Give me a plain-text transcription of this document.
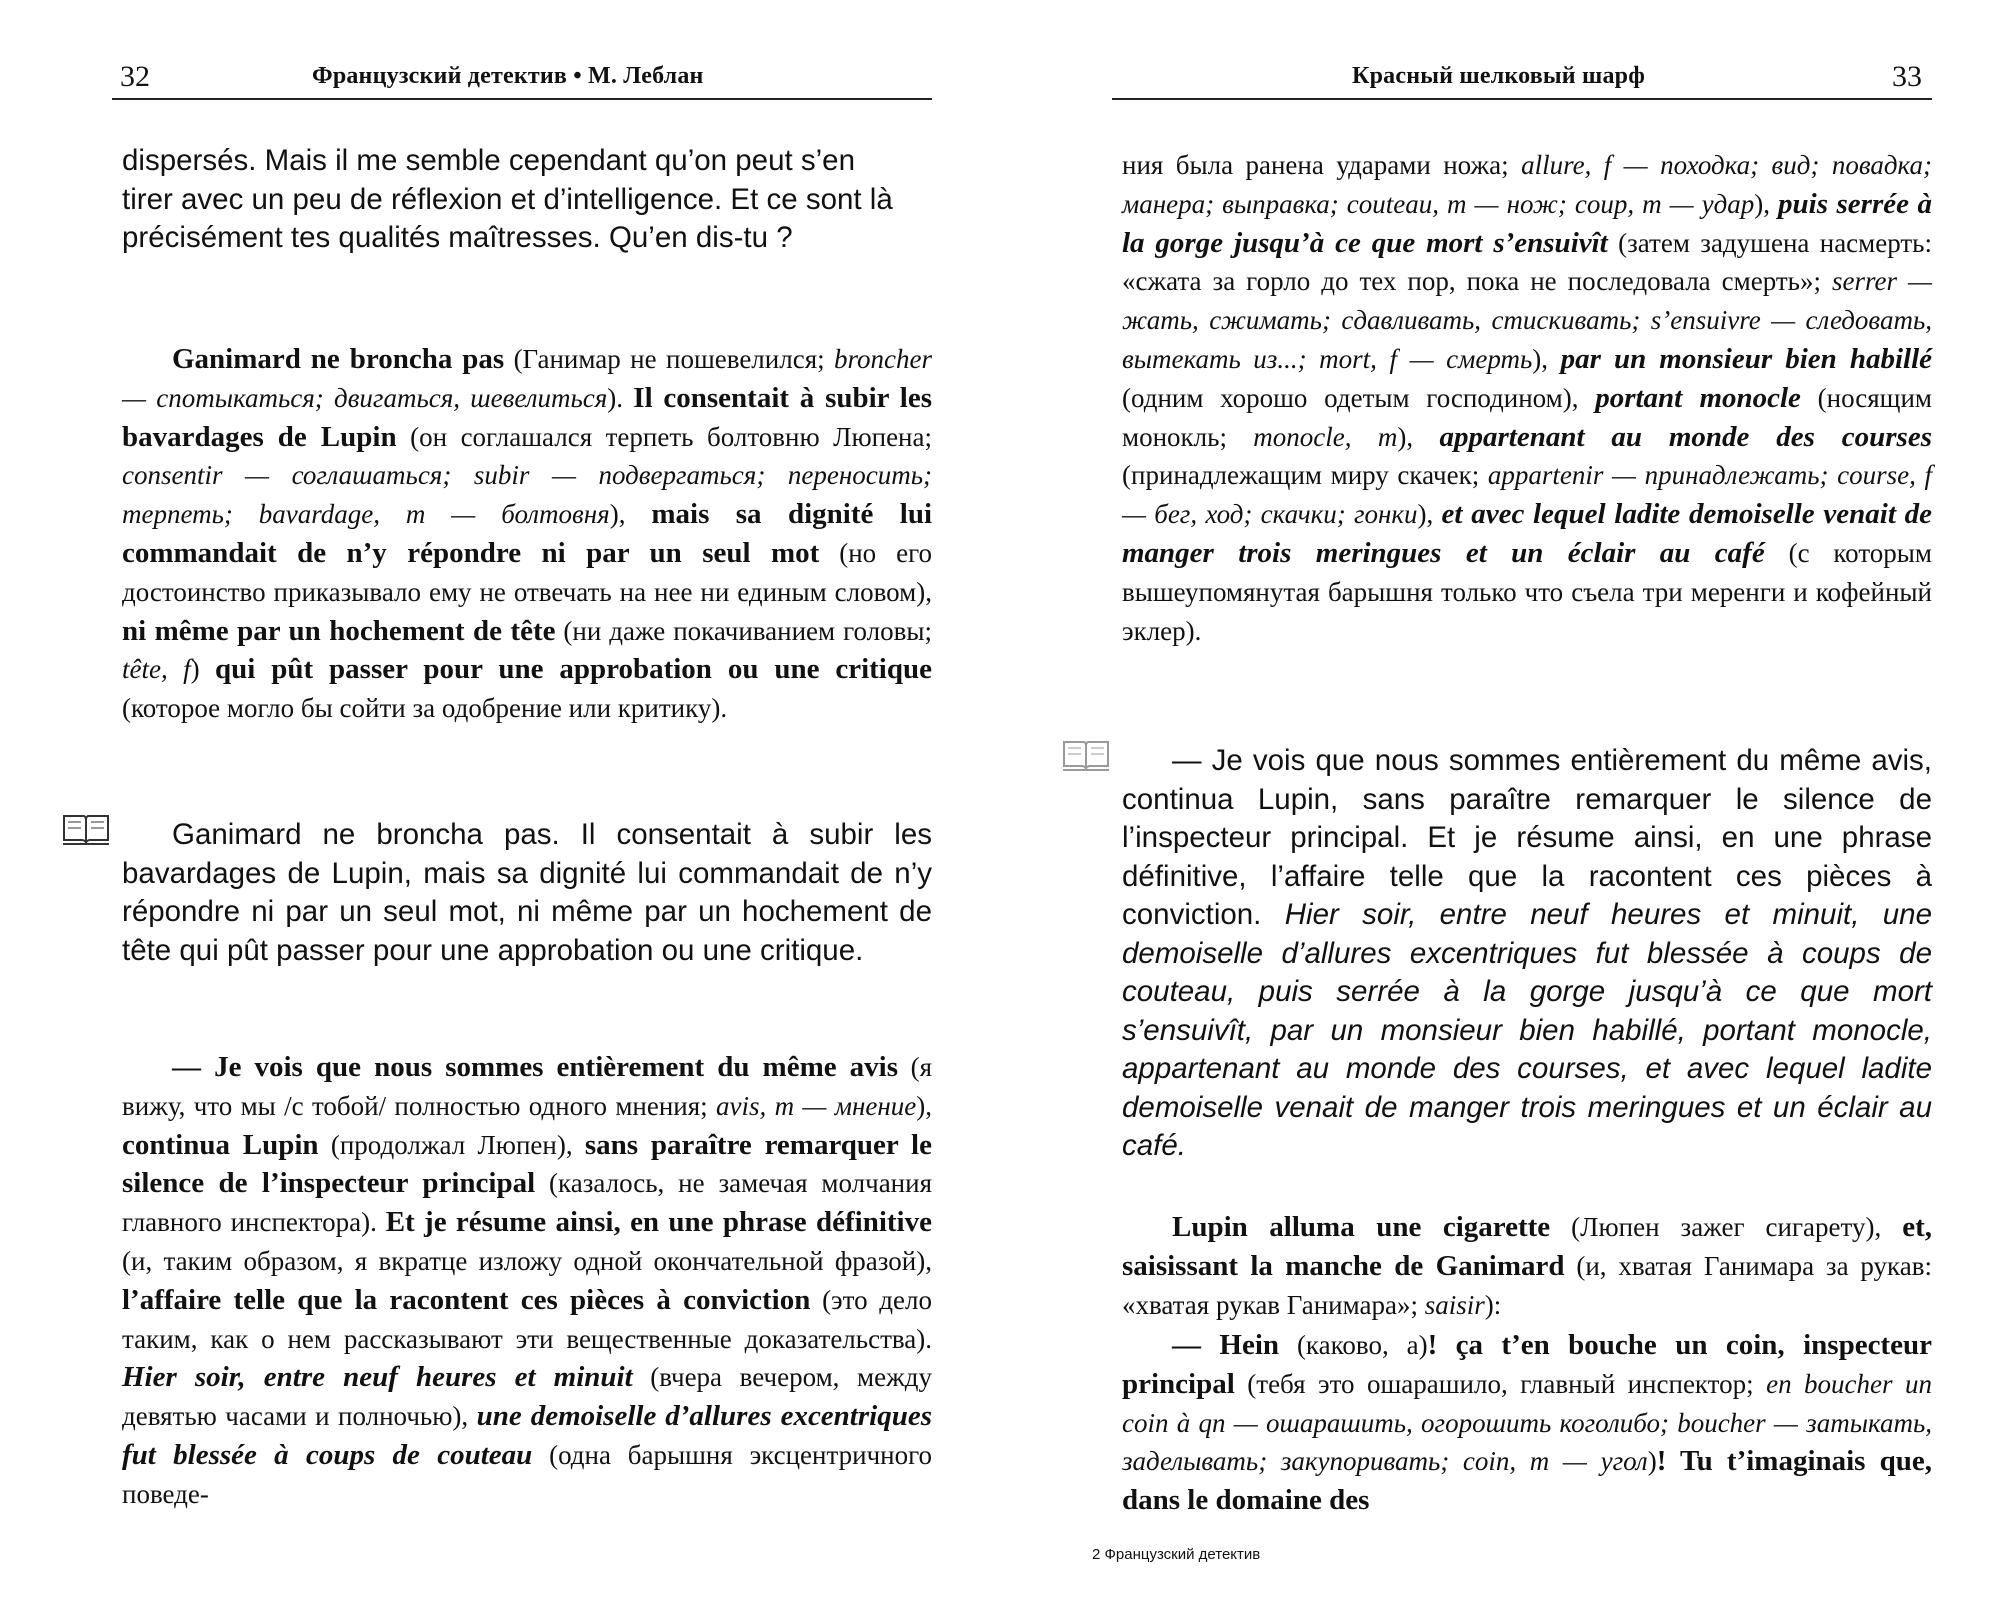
32	Французский детектив • М. Леблан
dispersés. Mais il me semble cependant qu’on peut s’en
tirer avec un peu de réflexion et d’intelligence. Et ce sont là
précisément tes qualités maîtresses. Qu’en dis-tu ?

Ganimard ne broncha pas (Ганимар не пошевелился; broncher — спотыкаться; двигаться, шевелиться). Il consentait à subir les bavardages de Lupin (он соглашался терпеть болтовню Люпена; consentir — соглашаться; subir — подвергаться; переносить; терпеть; bavardage, m — болтовня), mais sa dignité lui commandait de n’y répondre ni par un seul mot (но его достоинство приказывало ему не отвечать на нее ни единым словом), ni même par un hochement de tête (ни даже покачиванием головы; tête, f) qui pût passer pour une approbation ou une critique (которое могло бы сойти за одобрение или критику).

Ganimard ne broncha pas. Il consentait à subir les bavardages de Lupin, mais sa dignité lui commandait de n’y répondre ni par un seul mot, ni même par un hochement de tête qui pût passer pour une approbation ou une critique.

— Je vois que nous sommes entièrement du même avis (я вижу, что мы /с тобой/ полностью одного мнения; avis, m — мнение), continua Lupin (продолжал Люпен), sans paraître remarquer le silence de l’inspecteur principal (казалось, не замечая молчания главного инспектора). Et je résume ainsi, en une phrase définitive (и, таким образом, я вкратце изложу одной окончательной фразой), l’affaire telle que la racontent ces pièces à conviction (это дело таким, как о нем рассказывают эти вещественные доказательства). Hier soir, entre neuf heures et minuit (вчера вечером, между девятью часами и полночью), une demoiselle d’allures excentriques fut blessée à coups de couteau (одна барышня эксцентричного поведе-

Красный шелковый шарф	33

ния была ранена ударами ножа; allure, f — походка; вид; повадка; манера; выправка; couteau, m — нож; coup, m — удар), puis serrée à la gorge jusqu’à ce que mort s’ensuivît (затем задушена насмерть: «сжата за горло до тех пор, пока не последовала смерть»; serrer — жать, сжимать; сдавливать, стискивать; s’ensuivre — следовать, вытекать из...; mort, f — смерть), par un monsieur bien habillé (одним хорошо одетым господином), portant monocle (носящим монокль; monocle, m), appartenant au monde des courses (принадлежащим миру скачек; appartenir — принадлежать; course, f — бег, ход; скачки; гонки), et avec lequel ladite demoiselle venait de manger trois meringues et un éclair au café (с которым вышеупомянутая барышня только что съела три меренги и кофейный эклер).

— Je vois que nous sommes entièrement du même avis, continua Lupin, sans paraître remarquer le silence de l’inspecteur principal. Et je résume ainsi, en une phrase définitive, l’affaire telle que la racontent ces pièces à conviction. Hier soir, entre neuf heures et minuit, une demoiselle d’allures excentriques fut blessée à coups de couteau, puis serrée à la gorge jusqu’à ce que mort s’ensuivît, par un monsieur bien habillé, portant monocle, appartenant au monde des courses, et avec lequel ladite demoiselle venait de manger trois meringues et un éclair au café.

Lupin alluma une cigarette (Люпен зажег сигарету), et, saisissant la manche de Ganimard (и, хватая Ганимара за рукав: «хватая рукав Ганимара»; saisir):

— Hein (каково, а)! ça t’en bouche un coin, inspecteur principal (тебя это ошарашило, главный инспектор; en boucher un coin à qn — ошарашить, огорошить коголибо; boucher — затыкать, заделывать; закупоривать; coin, m — угол)! Tu t’imaginais que, dans le domaine des

2 Французский детектив
